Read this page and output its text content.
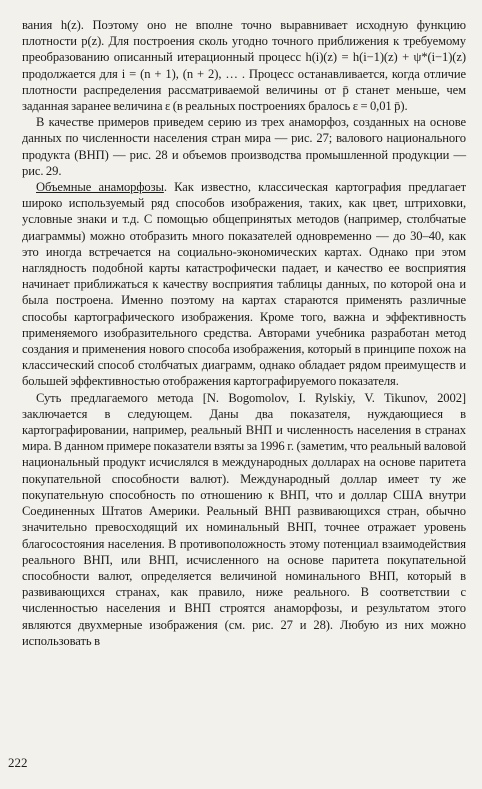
вания h(z). Поэтому оно не вполне точно выравнивает исходную функцию плотности p(z). Для построения сколь угодно точного приближения к требуемому преобразованию описанный итерационный процесс h(i)(z) = h(i−1)(z) + ψ*(i−1)(z) продолжается для i = (n + 1), (n + 2), … . Процесс останавливается, когда отличие плотности распределения рассматриваемой величины от p̄ станет меньше, чем заданная заранее величина ε (в реальных построениях бралось ε = 0,01 p̄).

В качестве примеров приведем серию из трех анаморфоз, созданных на основе данных по численности населения стран мира — рис. 27; валового национального продукта (ВНП) — рис. 28 и объемов производства промышленной продукции — рис. 29.

Объемные анаморфозы. Как известно, классическая картография предлагает широко используемый ряд способов изображения, таких, как цвет, штриховки, условные знаки и т.д. С помощью общепринятых методов (например, столбчатые диаграммы) можно отобразить много показателей одновременно — до 30–40, как это иногда встречается на социально-экономических картах. Однако при этом наглядность подобной карты катастрофически падает, и качество ее восприятия начинает приближаться к качеству восприятия таблицы данных, по которой она и была построена. Именно поэтому на картах стараются применять различные способы картографического изображения. Кроме того, важна и эффективность применяемого изобразительного средства. Авторами учебника разработан метод создания и применения нового способа изображения, который в принципе похож на классический способ столбчатых диаграмм, однако обладает рядом преимуществ и большей эффективностью отображения картографируемого показателя.

Суть предлагаемого метода [N. Bogomolov, I. Rylskiy, V. Tikunov, 2002] заключается в следующем. Даны два показателя, нуждающиеся в картографировании, например, реальный ВНП и численность населения в странах мира. В данном примере показатели взяты за 1996 г. (заметим, что реальный валовой национальный продукт исчислялся в международных долларах на основе паритета покупательной способности валют). Международный доллар имеет ту же покупательную способность по отношению к ВНП, что и доллар США внутри Соединенных Штатов Америки. Реальный ВНП развивающихся стран, обычно значительно превосходящий их номинальный ВНП, точнее отражает уровень благосостояния населения. В противоположность этому потенциал взаимодействия реального ВНП, или ВНП, исчисленного на основе паритета покупательной способности валют, определяется величиной номинального ВНП, который в развивающихся странах, как правило, ниже реального. В соответствии с численностью населения и ВНП строятся анаморфозы, и результатом этого являются двухмерные изображения (см. рис. 27 и 28). Любую из них можно использовать в

222
